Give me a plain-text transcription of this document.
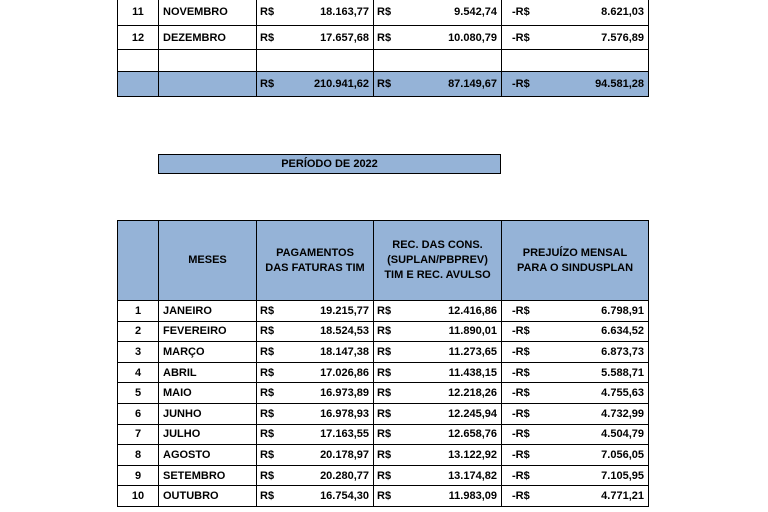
11	NOVEMBRO	R$ 18.163,77	R$ 9.542,74	-R$ 8.621,03

12	DEZEMBRO	R$ 17.657,68	R$ 10.080,79	-R$ 7.576,89

		R$ 210.941,62	R$ 87.149,67	-R$ 94.581,28
PERÍODO DE 2022
	MESES	PAGAMENTOS DAS FATURAS TIM	REC. DAS CONS. (SUPLAN/PBPREV) TIM E REC. AVULSO	PREJUÍZO MENSAL PARA O SINDUSPLAN
1	JANEIRO	R$ 19.215,77	R$ 12.416,86	-R$ 6.798,91

2	FEVEREIRO	R$ 18.524,53	R$ 11.890,01	-R$ 6.634,52

3	MARÇO	R$ 18.147,38	R$ 11.273,65	-R$ 6.873,73

4	ABRIL	R$ 17.026,86	R$ 11.438,15	-R$ 5.588,71

5	MAIO	R$ 16.973,89	R$ 12.218,26	-R$ 4.755,63

6	JUNHO	R$ 16.978,93	R$ 12.245,94	-R$ 4.732,99

7	JULHO	R$ 17.163,55	R$ 12.658,76	-R$ 4.504,79

8	AGOSTO	R$ 20.178,97	R$ 13.122,92	-R$ 7.056,05

9	SETEMBRO	R$ 20.280,77	R$ 13.174,82	-R$ 7.105,95

10	OUTUBRO	R$ 16.754,30	R$ 11.983,09	-R$ 4.771,21
